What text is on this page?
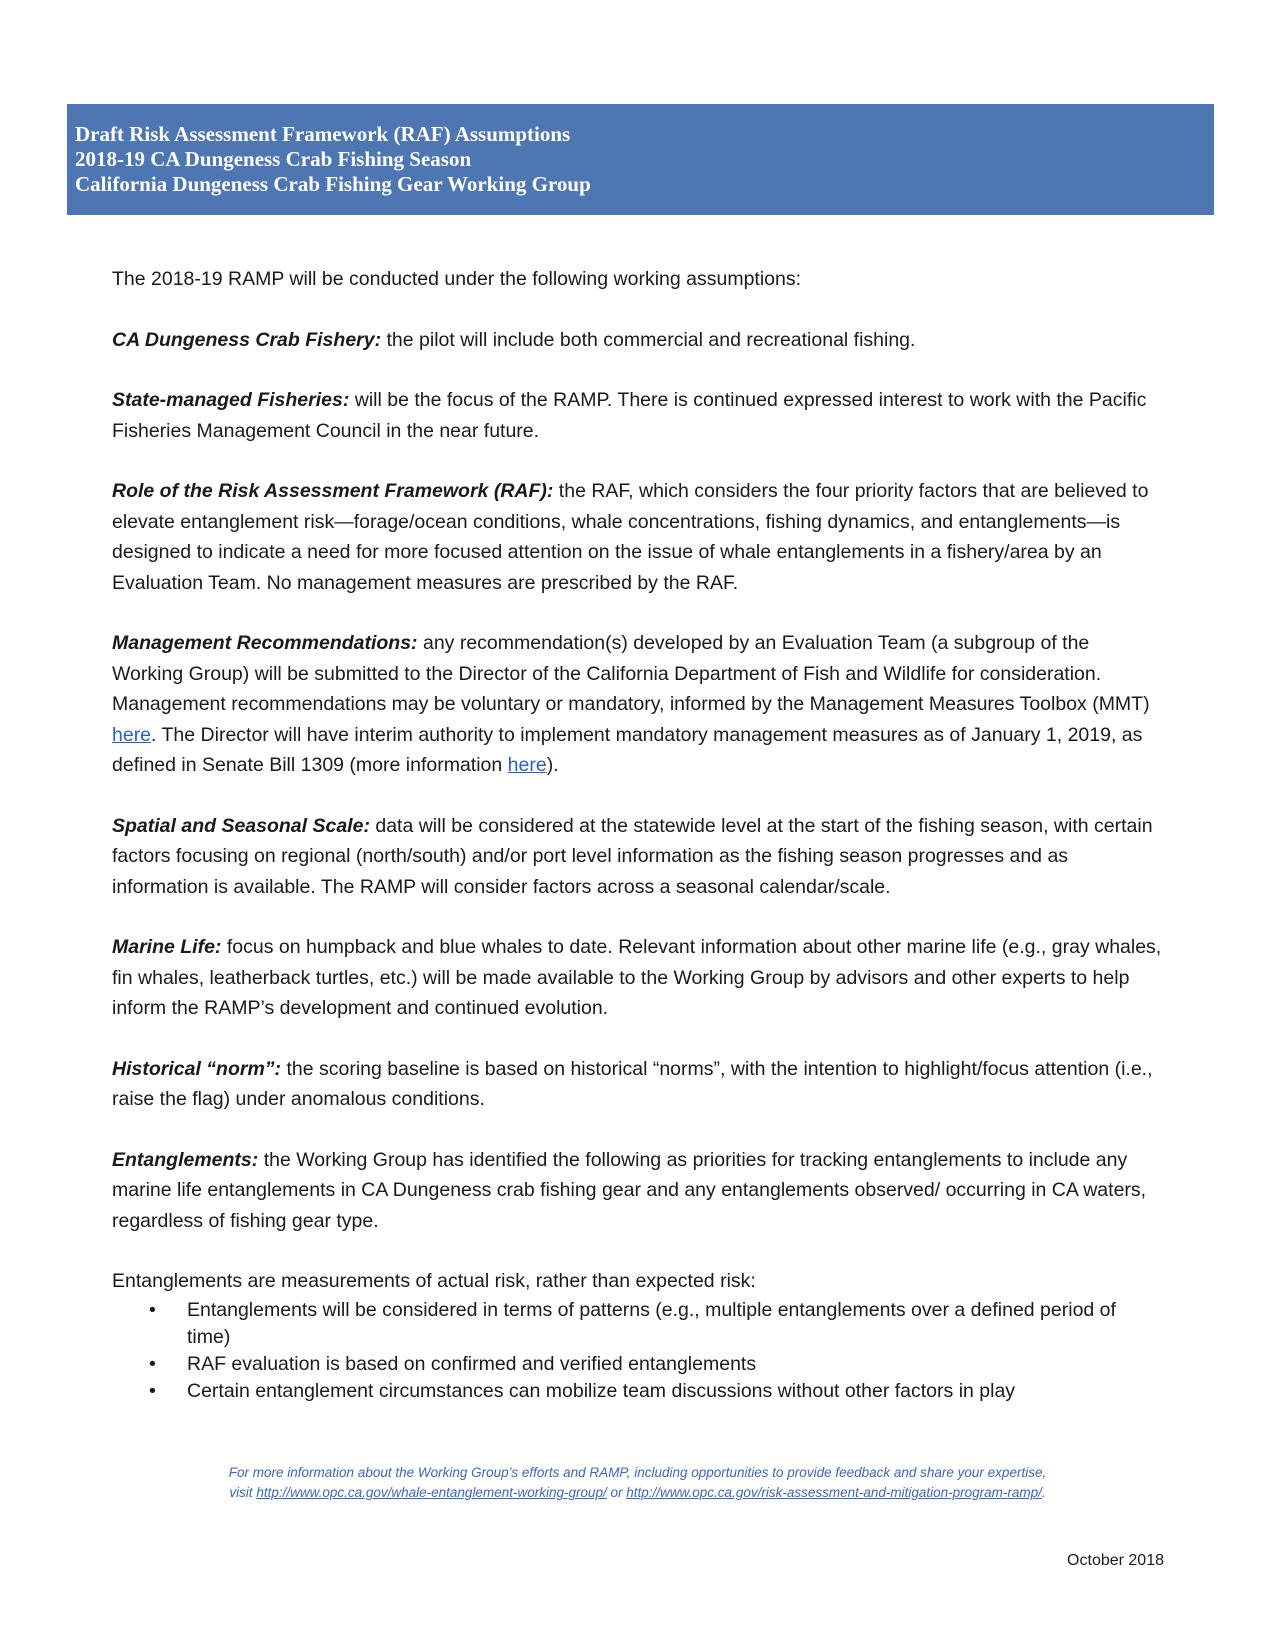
Draft Risk Assessment Framework (RAF) Assumptions
2018-19 CA Dungeness Crab Fishing Season
California Dungeness Crab Fishing Gear Working Group

The 2018-19 RAMP will be conducted under the following working assumptions:

CA Dungeness Crab Fishery: the pilot will include both commercial and recreational fishing.

State-managed Fisheries: will be the focus of the RAMP. There is continued expressed interest to work with the Pacific Fisheries Management Council in the near future.

Role of the Risk Assessment Framework (RAF): the RAF, which considers the four priority factors that are believed to elevate entanglement risk—forage/ocean conditions, whale concentrations, fishing dynamics, and entanglements—is designed to indicate a need for more focused attention on the issue of whale entanglements in a fishery/area by an Evaluation Team. No management measures are prescribed by the RAF.

Management Recommendations: any recommendation(s) developed by an Evaluation Team (a subgroup of the Working Group) will be submitted to the Director of the California Department of Fish and Wildlife for consideration. Management recommendations may be voluntary or mandatory, informed by the Management Measures Toolbox (MMT) here. The Director will have interim authority to implement mandatory management measures as of January 1, 2019, as defined in Senate Bill 1309 (more information here).

Spatial and Seasonal Scale: data will be considered at the statewide level at the start of the fishing season, with certain factors focusing on regional (north/south) and/or port level information as the fishing season progresses and as information is available. The RAMP will consider factors across a seasonal calendar/scale.

Marine Life: focus on humpback and blue whales to date. Relevant information about other marine life (e.g., gray whales, fin whales, leatherback turtles, etc.) will be made available to the Working Group by advisors and other experts to help inform the RAMP’s development and continued evolution.

Historical “norm”: the scoring baseline is based on historical “norms”, with the intention to highlight/focus attention (i.e., raise the flag) under anomalous conditions.

Entanglements: the Working Group has identified the following as priorities for tracking entanglements to include any marine life entanglements in CA Dungeness crab fishing gear and any entanglements observed/ occurring in CA waters, regardless of fishing gear type.

Entanglements are measurements of actual risk, rather than expected risk:

• Entanglements will be considered in terms of patterns (e.g., multiple entanglements over a defined period of time)
• RAF evaluation is based on confirmed and verified entanglements
• Certain entanglement circumstances can mobilize team discussions without other factors in play
For more information about the Working Group’s efforts and RAMP, including opportunities to provide feedback and share your expertise,
visit http://www.opc.ca.gov/whale-entanglement-working-group/ or http://www.opc.ca.gov/risk-assessment-and-mitigation-program-ramp/.
October 2018
